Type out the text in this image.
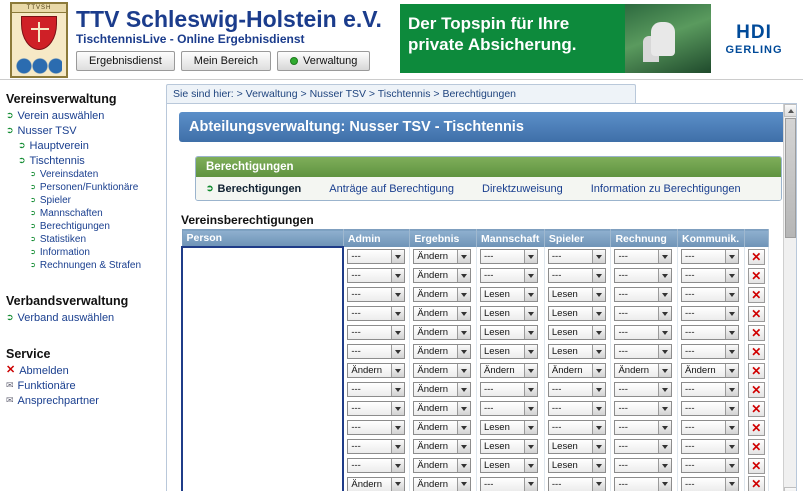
TTVSH	TTV Schleswig-Holstein e.V.
TischtennisLive - Online Ergebnisdienst
Ergebnisdienst	Mein Bereich	Verwaltung
Der Topspin für Ihre
private Absicherung.
HDI
GERLING
Vereinsverwaltung
➲ Verein auswählen
➲ Nusser TSV
➲ Hauptverein
➲ Tischtennis
➲ Vereinsdaten
➲ Personen/Funktionäre
➲ Spieler
➲ Mannschaften
➲ Berechtigungen
➲ Statistiken
➲ Information
➲ Rechnungen & Strafen
Verbandsverwaltung
➲ Verband auswählen
Service
✕ Abmelden
✉ Funktionäre
✉ Ansprechpartner
Sie sind hier: > Verwaltung > Nusser TSV > Tischtennis > Berechtigungen
Abteilungsverwaltung: Nusser TSV - Tischtennis
Berechtigungen
➲ Berechtigungen	Anträge auf Berechtigung	Direktzuweisung	Information zu Berechtigungen
Vereinsberechtigungen
Person	Admin	Ergebnis	Mannschaft	Spieler	Rechnung	Kommunik.	

	---	Ändern	---	---	---	---	✕

	---	Ändern	---	---	---	---	✕

	---	Ändern	Lesen	Lesen	---	---	✕

	---	Ändern	Lesen	Lesen	---	---	✕

	---	Ändern	Lesen	Lesen	---	---	✕

	---	Ändern	Lesen	Lesen	---	---	✕

	Ändern	Ändern	Ändern	Ändern	Ändern	Ändern	✕

	---	Ändern	---	---	---	---	✕

	---	Ändern	---	---	---	---	✕

	---	Ändern	Lesen	---	---	---	✕

	---	Ändern	Lesen	Lesen	---	---	✕

	---	Ändern	Lesen	Lesen	---	---	✕

	Ändern	Ändern	---	---	---	---	✕
